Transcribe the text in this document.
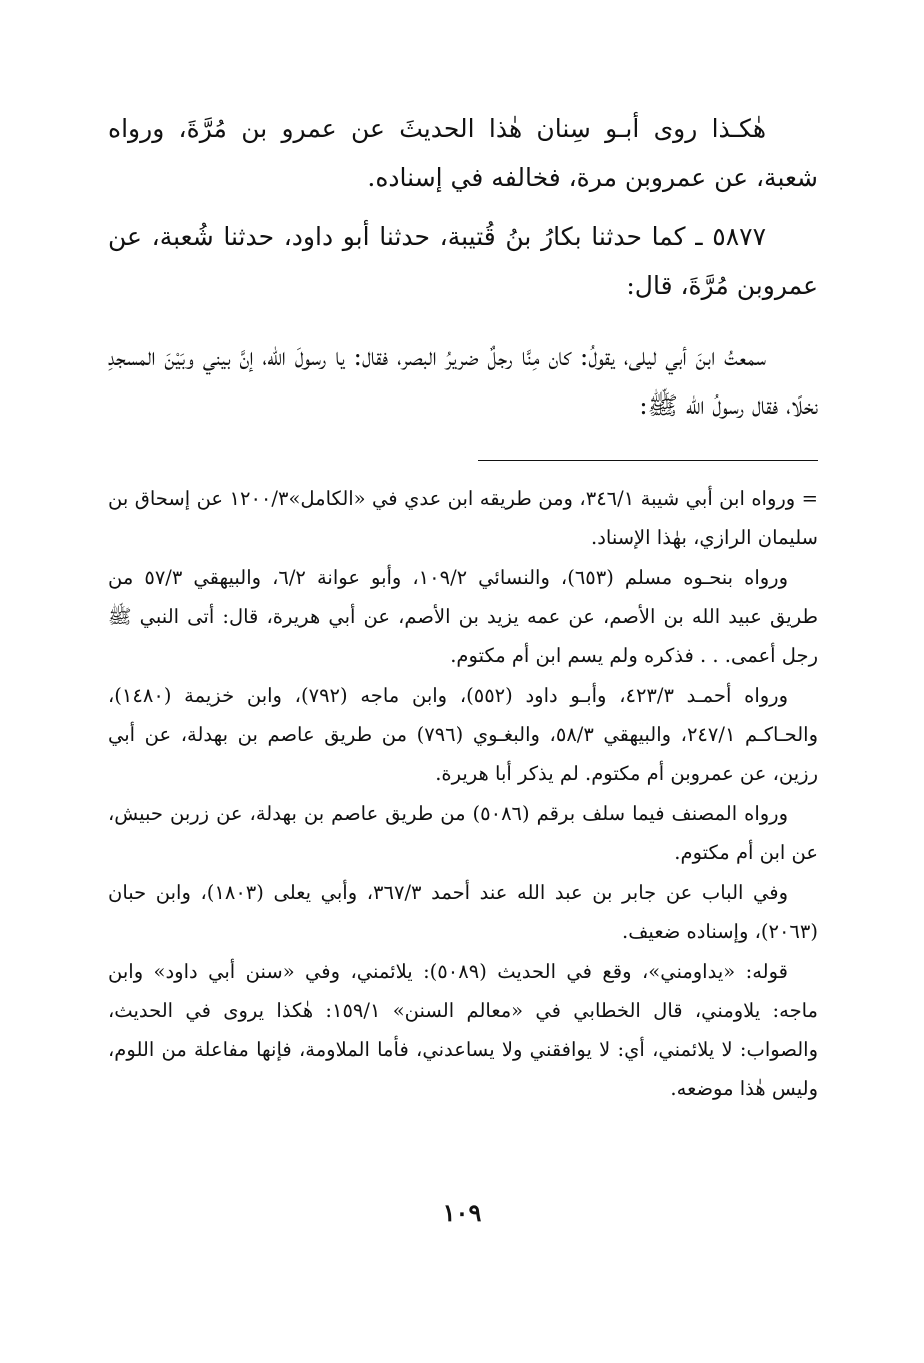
هٰكـذا روى أبـو سِنان هٰذا الحديثَ عن عمرو بن مُرَّةَ، ورواه شعبة، عن عمروبن مرة، فخالفه في إسناده.

٥٨٧٧ ـ كما حدثنا بكارُ بنُ قُتيبة، حدثنا أبو داود، حدثنا شُعبة، عن عمروبن مُرَّةَ، قال:

سمعتُ ابنَ أبي ليلى، يقولُ: كان مِنَّا رجلٌ ضريرُ البصر، فقال: يا رسولَ الله، إنَّ بيني وبَيْنَ المسجدِ نخلًا، فقال رسولُ الله ﷺ:

= ورواه ابن أبي شيبة ٣٤٦/١، ومن طريقه ابن عدي في «الكامل»١٢٠٠/٣ عن إسحاق بن سليمان الرازي، بهٰذا الإسناد.

ورواه بنحـوه مسلم (٦٥٣)، والنسائي ١٠٩/٢، وأبو عوانة ٦/٢، والبيهقي ٥٧/٣ من طريق عبيد الله بن الأصم، عن عمه يزيد بن الأصم، عن أبي هريرة، قال: أتى النبي ﷺ رجل أعمى. . . فذكره ولم يسم ابن أم مكتوم.

ورواه أحمـد ٤٢٣/٣، وأبـو داود (٥٥٢)، وابن ماجه (٧٩٢)، وابن خزيمة (١٤٨٠)، والحـاكـم ٢٤٧/١، والبيهقي ٥٨/٣، والبغـوي (٧٩٦) من طريق عاصم بن بهدلة، عن أبي رزين، عن عمروبن أم مكتوم. لم يذكر أبا هريرة.

ورواه المصنف فيما سلف برقم (٥٠٨٦) من طريق عاصم بن بهدلة، عن زربن حبيش، عن ابن أم مكتوم.

وفي الباب عن جابر بن عبد الله عند أحمد ٣٦٧/٣، وأبي يعلى (١٨٠٣)، وابن حبان (٢٠٦٣)، وإسناده ضعيف.

قوله: «يداومني»، وقع في الحديث (٥٠٨٩): يلائمني، وفي «سنن أبي داود» وابن ماجه: يلاومني، قال الخطابي في «معالم السنن» ١٥٩/١: هٰكذا يروى في الحديث، والصواب: لا يلائمني، أي: لا يوافقني ولا يساعدني، فأما الملاومة، فإنها مفاعلة من اللوم، وليس هٰذا موضعه.

١٠٩
